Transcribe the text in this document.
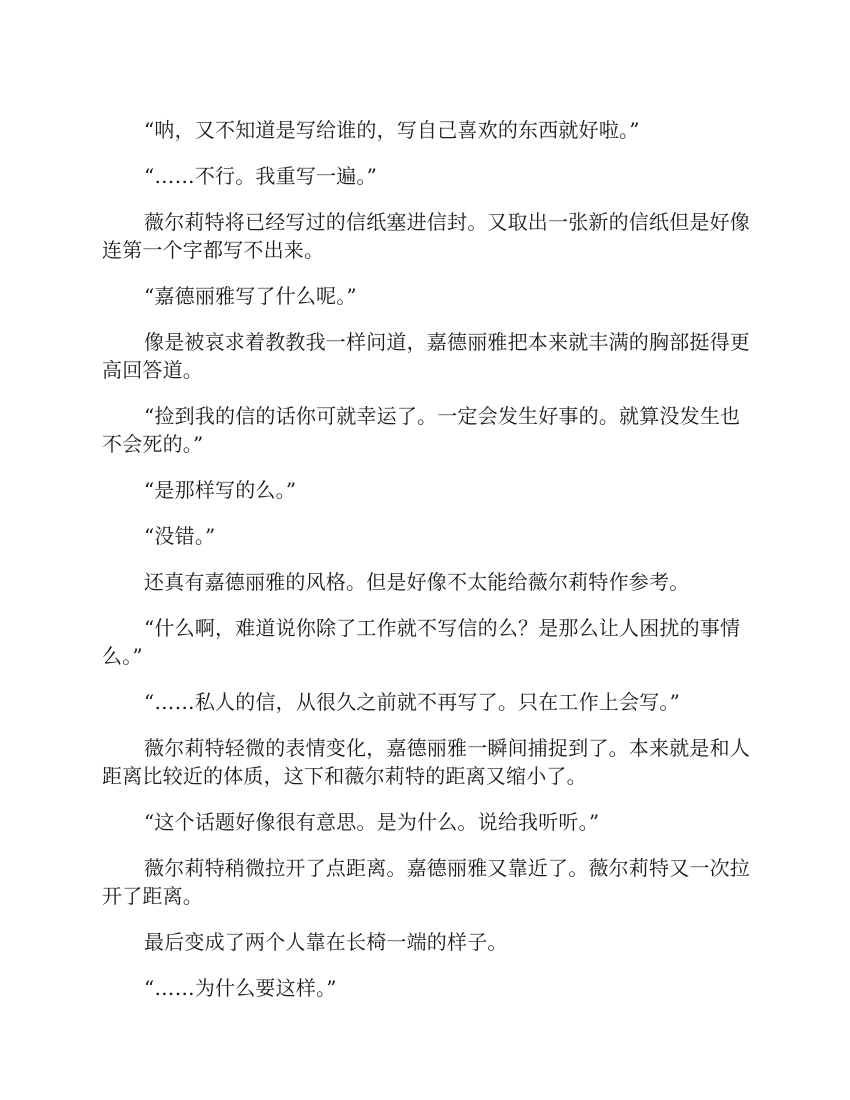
“呐，又不知道是写给谁的，写自己喜欢的东西就好啦。”

“……不行。我重写一遍。”

薇尔莉特将已经写过的信纸塞进信封。又取出一张新的信纸但是好像连第一个字都写不出来。

“嘉德丽雅写了什么呢。”

像是被哀求着教教我一样问道，嘉德丽雅把本来就丰满的胸部挺得更高回答道。

“捡到我的信的话你可就幸运了。一定会发生好事的。就算没发生也不会死的。”

“是那样写的么。”

“没错。”

还真有嘉德丽雅的风格。但是好像不太能给薇尔莉特作参考。

“什么啊，难道说你除了工作就不写信的么？是那么让人困扰的事情么。”

“……私人的信，从很久之前就不再写了。只在工作上会写。”

薇尔莉特轻微的表情变化，嘉德丽雅一瞬间捕捉到了。本来就是和人距离比较近的体质，这下和薇尔莉特的距离又缩小了。

“这个话题好像很有意思。是为什么。说给我听听。”

薇尔莉特稍微拉开了点距离。嘉德丽雅又靠近了。薇尔莉特又一次拉开了距离。

最后变成了两个人靠在长椅一端的样子。

“……为什么要这样。”
